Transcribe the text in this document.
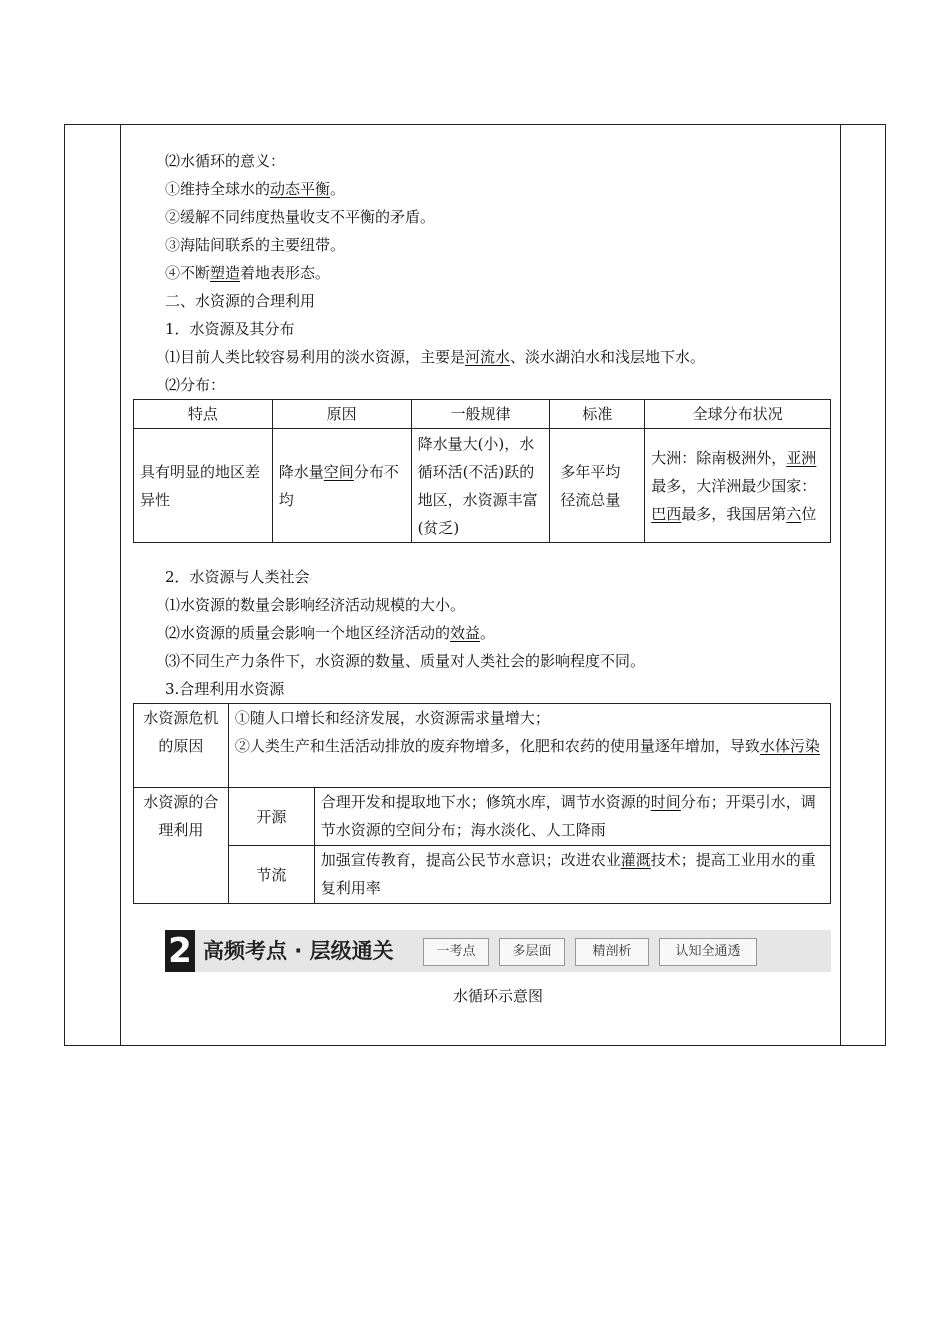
⑵水循环的意义：
①维持全球水的动态平衡。
②缓解不同纬度热量收支不平衡的矛盾。
③海陆间联系的主要纽带。
④不断塑造着地表形态。
二、水资源的合理利用
1．水资源及其分布
⑴目前人类比较容易利用的淡水资源，主要是河流水、淡水湖泊水和浅层地下水。
⑵分布：
特点	原因	一般规律	标准	全球分布状况
具有明显的地区差异性	降水量空间分布不均	降水量大(小)，水循环活(不活)跃的地区，水资源丰富(贫乏)	多年平均径流总量	大洲：除南极洲外，亚洲最多，大洋洲最少国家：巴西最多，我国居第六位
2．水资源与人类社会
⑴水资源的数量会影响经济活动规模的大小。
⑵水资源的质量会影响一个地区经济活动的效益。
⑶不同生产力条件下，水资源的数量、质量对人类社会的影响程度不同。
3.合理利用水资源
水资源危机的原因	①随人口增长和经济发展，水资源需求量增大；
②人类生产和生活活动排放的废弃物增多，化肥和农药的使用量逐年增加，导致水体污染	

水资源的合理利用	开源	合理开发和提取地下水；修筑水库，调节水资源的时间分布；开渠引水，调节水资源的空间分布；海水淡化、人工降雨
	节流	加强宣传教育，提高公民节水意识；改进农业灌溉技术；提高工业用水的重复利用率
2 高频考点 · 层级通关	一考点	多层面	精剖析	认知全通透
水循环示意图
